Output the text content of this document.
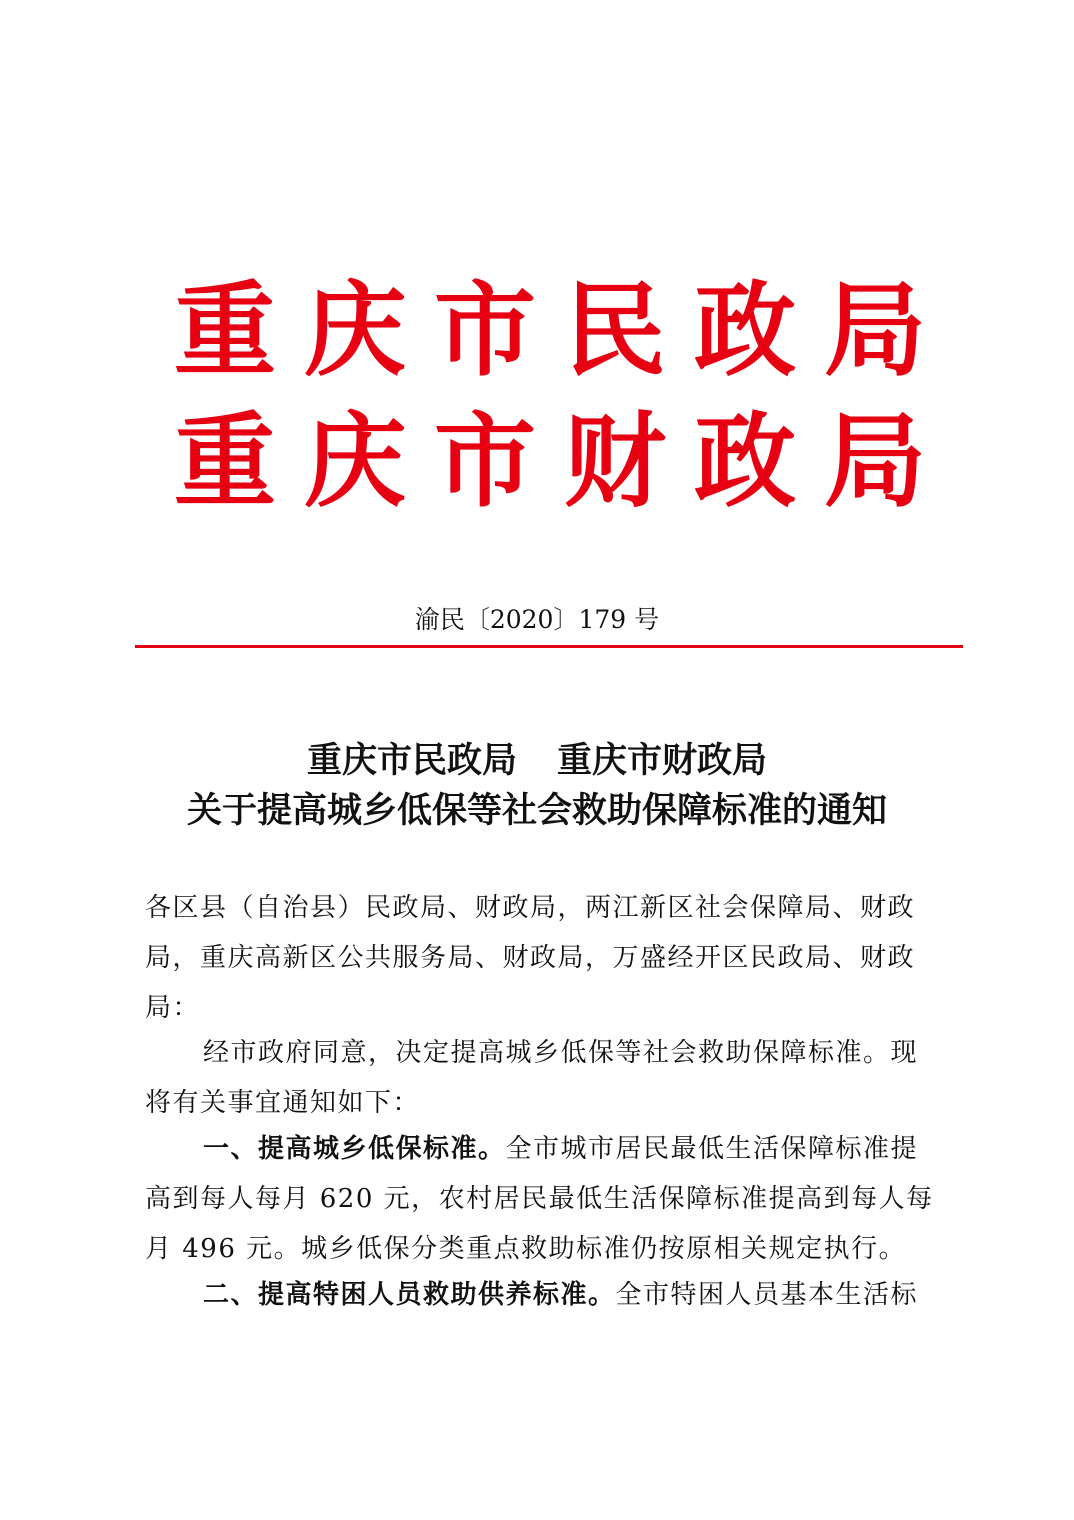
重 庆 市 民 政 局
重 庆 市 财 政 局
渝民〔2020〕179 号
重庆市民政局 重庆市财政局
关于提高城乡低保等社会救助保障标准的通知
各区县（自治县）民政局、财政局，两江新区社会保障局、财政
局，重庆高新区公共服务局、财政局，万盛经开区民政局、财政
局：
经市政府同意，决定提高城乡低保等社会救助保障标准。现
将有关事宜通知如下：
一、提高城乡低保标准。全市城市居民最低生活保障标准提
高到每人每月 620 元，农村居民最低生活保障标准提高到每人每
月 496 元。城乡低保分类重点救助标准仍按原相关规定执行。
二、提高特困人员救助供养标准。全市特困人员基本生活标
